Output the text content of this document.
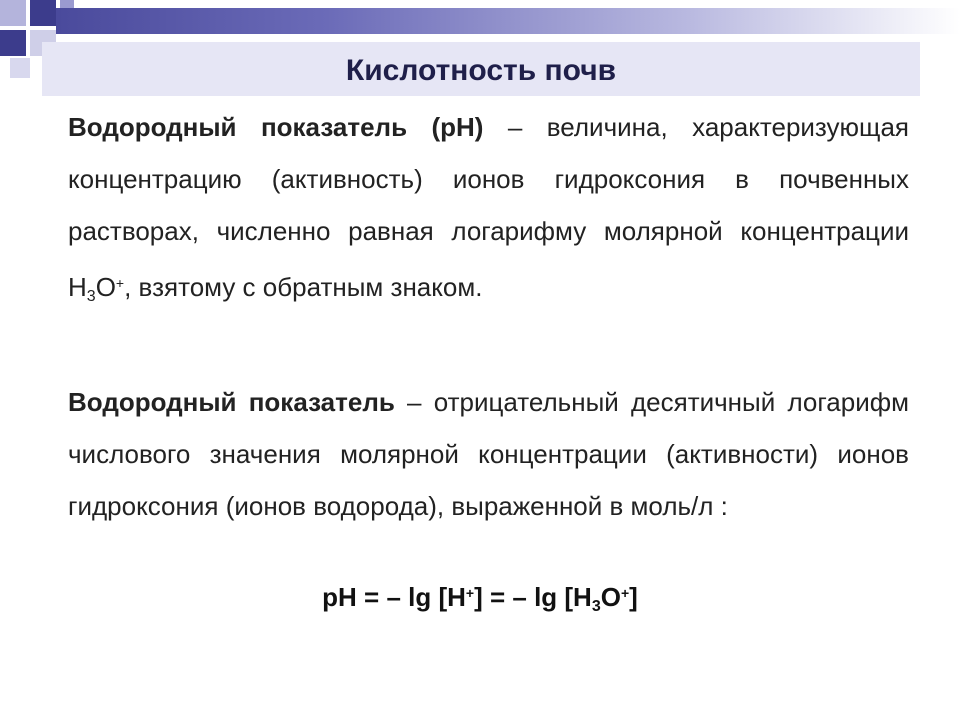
Кислотность почв
Водородный показатель (рН) – величина, характеризующая концентрацию (активность) ионов гидроксония в почвенных растворах, численно равная логарифму молярной концентрации $Н_3О^+$, взятому с обратным знаком.
Водородный показатель – отрицательный десятичный логарифм числового значения молярной концентрации (активности) ионов гидроксония (ионов водорода), выраженной в моль/л :
рН = – lg [Н+] = – $\lg [Н_3О^+]$
